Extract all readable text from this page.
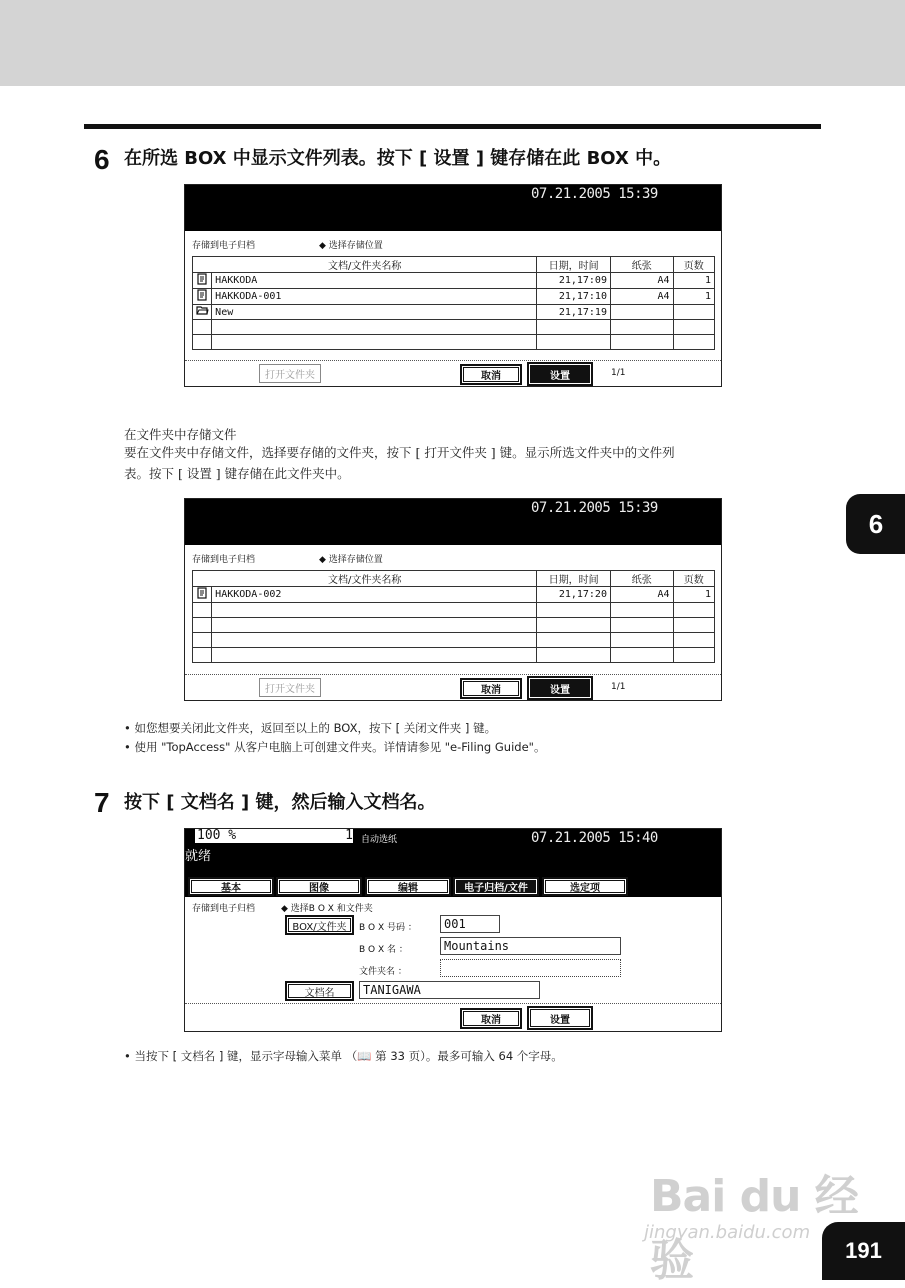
6 在所选 BOX 中显示文件列表。按下 [ 设置 ] 键存储在此 BOX 中。
07.21.2005 15:39
存储到电子归档	◆ 选择存储位置
文档/文件夹名称		日期，时间	纸张	页数
	HAKKODA	21,17:09	A4	1
	HAKKODA-001	21,17:10	A4	1
	New	21,17:19		

打开文件夹	取消	设置	1/1
在文件夹中存储文件
要在文件夹中存储文件，选择要存储的文件夹，按下 [ 打开文件夹 ] 键。显示所选文件夹中的文件列
表。按下 [ 设置 ] 键存储在此文件夹中。
07.21.2005 15:39
存储到电子归档	◆ 选择存储位置
文档/文件夹名称		日期，时间	纸张	页数
	HAKKODA-002	21,17:20	A4	1

打开文件夹	取消	设置	1/1
• 如您想要关闭此文件夹，返回至以上的 BOX，按下 [ 关闭文件夹 ] 键。
• 使用 "TopAccess" 从客户电脑上可创建文件夹。详情请参见 "e-Filing Guide"。
7 按下 [ 文档名 ] 键，然后输入文档名。
100 %	1 自动选纸	07.21.2005 15:40
就绪
基本	图像	编辑	电子归档/文件	选定项
存储到电子归档	◆ 选择B O X 和文件夹
BOX/文件夹	B O X 号码 ：	001
B O X 名 ：	Mountains
文件夹名 ：
文档名	TANIGAWA
取消	设置
• 当按下 [ 文档名 ] 键，显示字母输入菜单 （📖 第 33 页）。最多可输入 64 个字母。
6
191
Bai du 经验
jingyan.baidu.com
